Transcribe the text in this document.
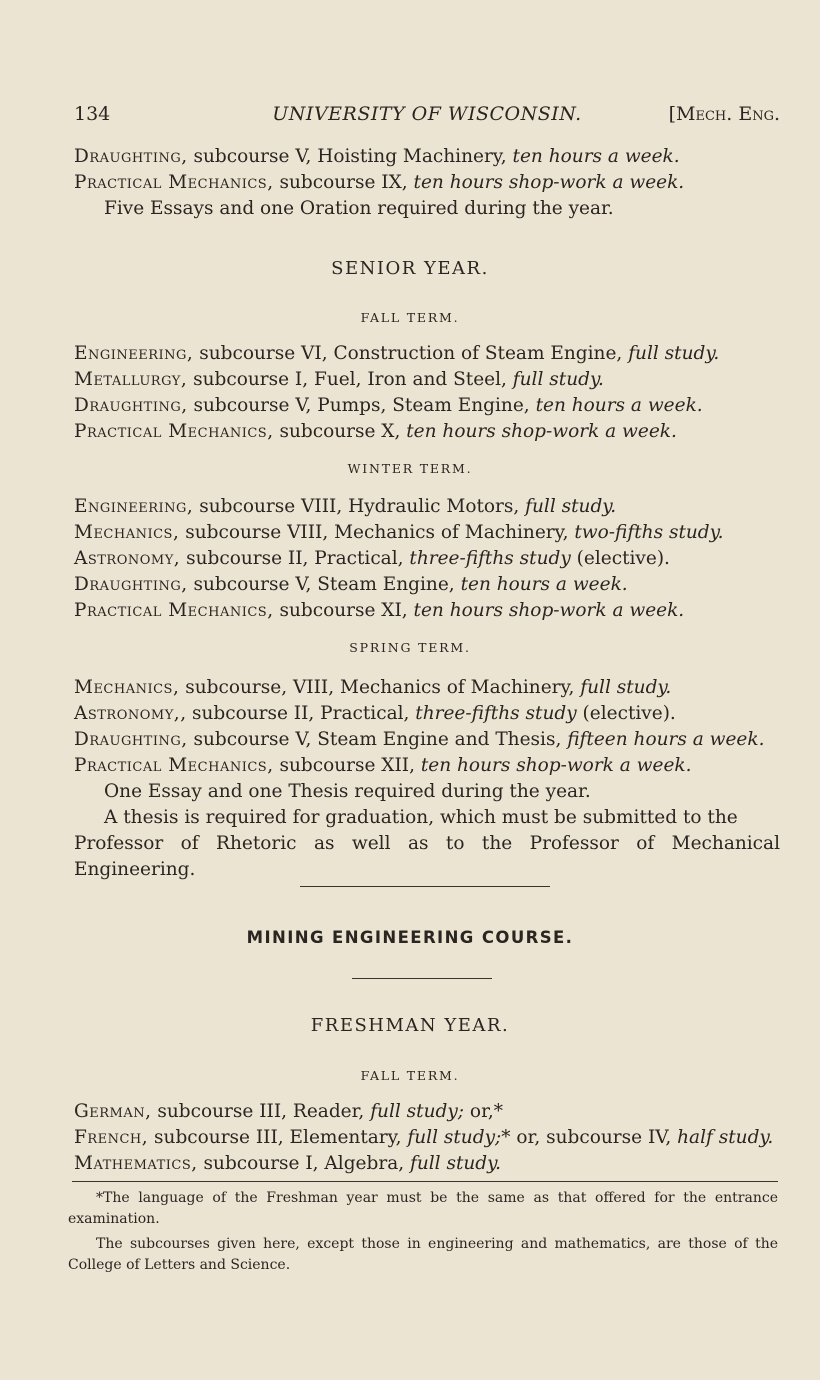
134	UNIVERSITY OF WISCONSIN.	[Mech. Eng.
Draughting, subcourse V, Hoisting Machinery, ten hours a week.
Practical Mechanics, subcourse IX, ten hours shop-work a week.
Five Essays and one Oration required during the year.
SENIOR YEAR.
FALL TERM.
Engineering, subcourse VI, Construction of Steam Engine, full study.
Metallurgy, subcourse I, Fuel, Iron and Steel, full study.
Draughting, subcourse V, Pumps, Steam Engine, ten hours a week.
Practical Mechanics, subcourse X, ten hours shop-work a week.
WINTER TERM.
Engineering, subcourse VIII, Hydraulic Motors, full study.
Mechanics, subcourse VIII, Mechanics of Machinery, two-fifths study.
Astronomy, subcourse II, Practical, three-fifths study (elective).
Draughting, subcourse V, Steam Engine, ten hours a week.
Practical Mechanics, subcourse XI, ten hours shop-work a week.
SPRING TERM.
Mechanics, subcourse, VIII, Mechanics of Machinery, full study.
Astronomy,, subcourse II, Practical, three-fifths study (elective).
Draughting, subcourse V, Steam Engine and Thesis, fifteen hours a week.
Practical Mechanics, subcourse XII, ten hours shop-work a week.
One Essay and one Thesis required during the year.
A thesis is required for graduation, which must be submitted to the
Professor of Rhetoric as well as to the Professor of Mechanical Engineering.
MINING ENGINEERING COURSE.
FRESHMAN YEAR.
FALL TERM.
German, subcourse III, Reader, full study; or,*
French, subcourse III, Elementary, full study;* or, subcourse IV, half study.
Mathematics, subcourse I, Algebra, full study.

*The language of the Freshman year must be the same as that offered for the entrance examination.

The subcourses given here, except those in engineering and mathematics, are those of the College of Letters and Science.
